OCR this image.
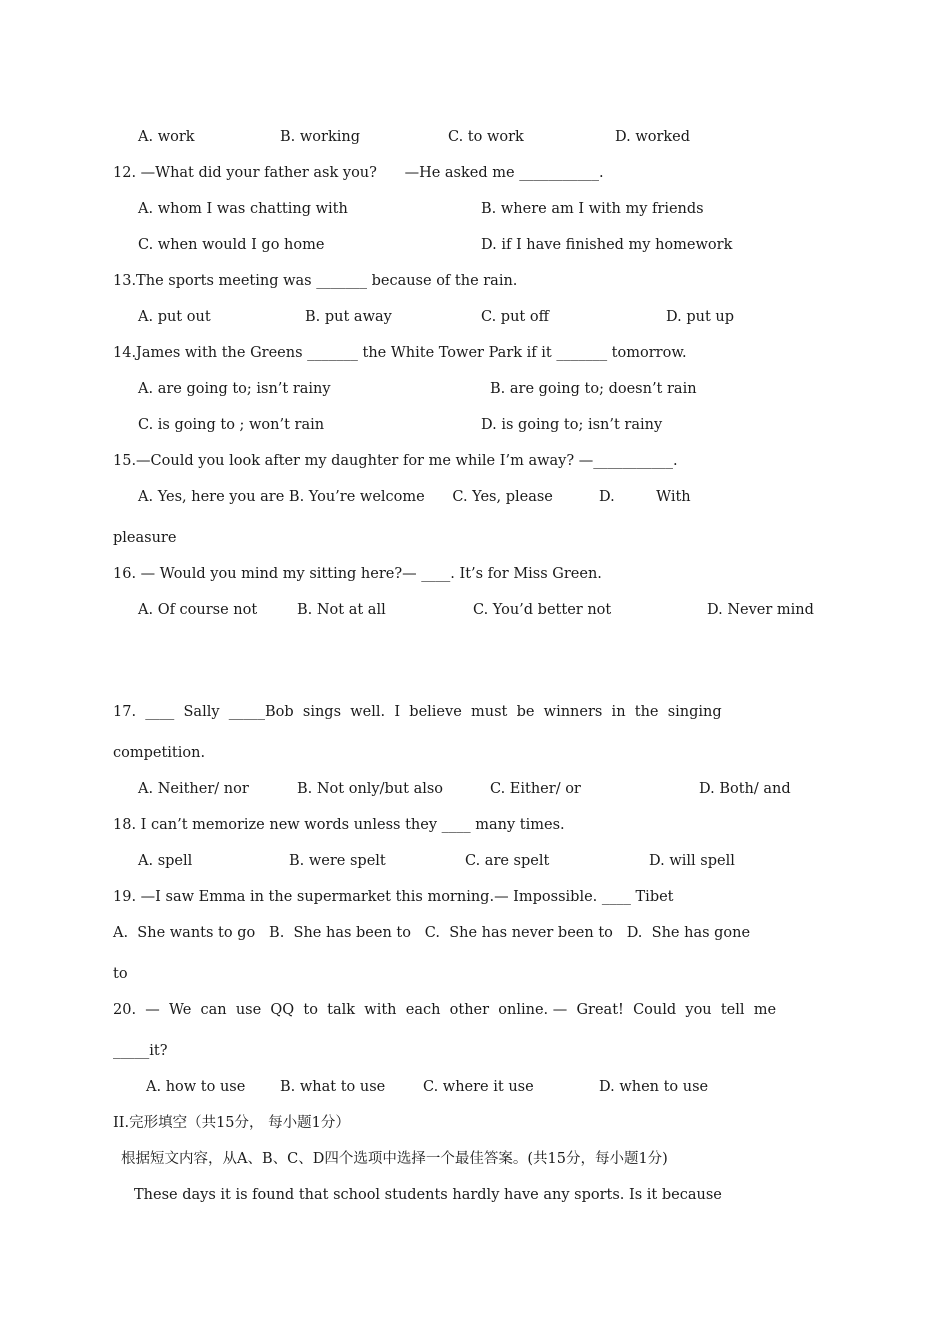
A. work	B. working	C. to work	D. worked
12. —What did your father ask you?      —He asked me ___________.
A. whom I was chatting with	B. where am I with my friends
C. when would I go home	D. if I have finished my homework
13.The sports meeting was _______ because of the rain.
A. put out	B. put away	C. put off	D. put up
14.James with the Greens _______ the White Tower Park if it _______ tomorrow.
A. are going to; isn’t rainy	B. are going to; doesn’t rain
C. is going to ; won’t rain	D. is going to; isn’t rainy
15.—Could you look after my daughter for me while I’m away? —___________.
A. Yes, here you are B. You’re welcome      C. Yes, please          D.         With
pleasure
16. — Would you mind my sitting here?— ____. It’s for Miss Green.
A. Of course not	B. Not at all	C. You’d better not	D. Never mind
17.  ____  Sally  _____Bob  sings  well.  I  believe  must  be  winners  in  the  singing
competition.
A. Neither/ nor	B. Not only/but also	C. Either/ or	D. Both/ and
18. I can’t memorize new words unless they ____ many times.
A. spell	B. were spelt	C. are spelt	D. will spell
19. —I saw Emma in the supermarket this morning.— Impossible. ____ Tibet
A.  She wants to go   B.  She has been to   C.  She has never been to   D.  She has gone
to
20.  —  We  can  use  QQ  to  talk  with  each  other  online. —  Great!  Could  you  tell  me
_____it?
A. how to use B. what to use	C. where it use	D. when to use
II.完形填空（共15分， 每小题1分）
根据短文内容，从A、B、C、D四个选项中选择一个最佳答案。(共15分，每小题1分)
These days it is found that school students hardly have any sports. Is it because
